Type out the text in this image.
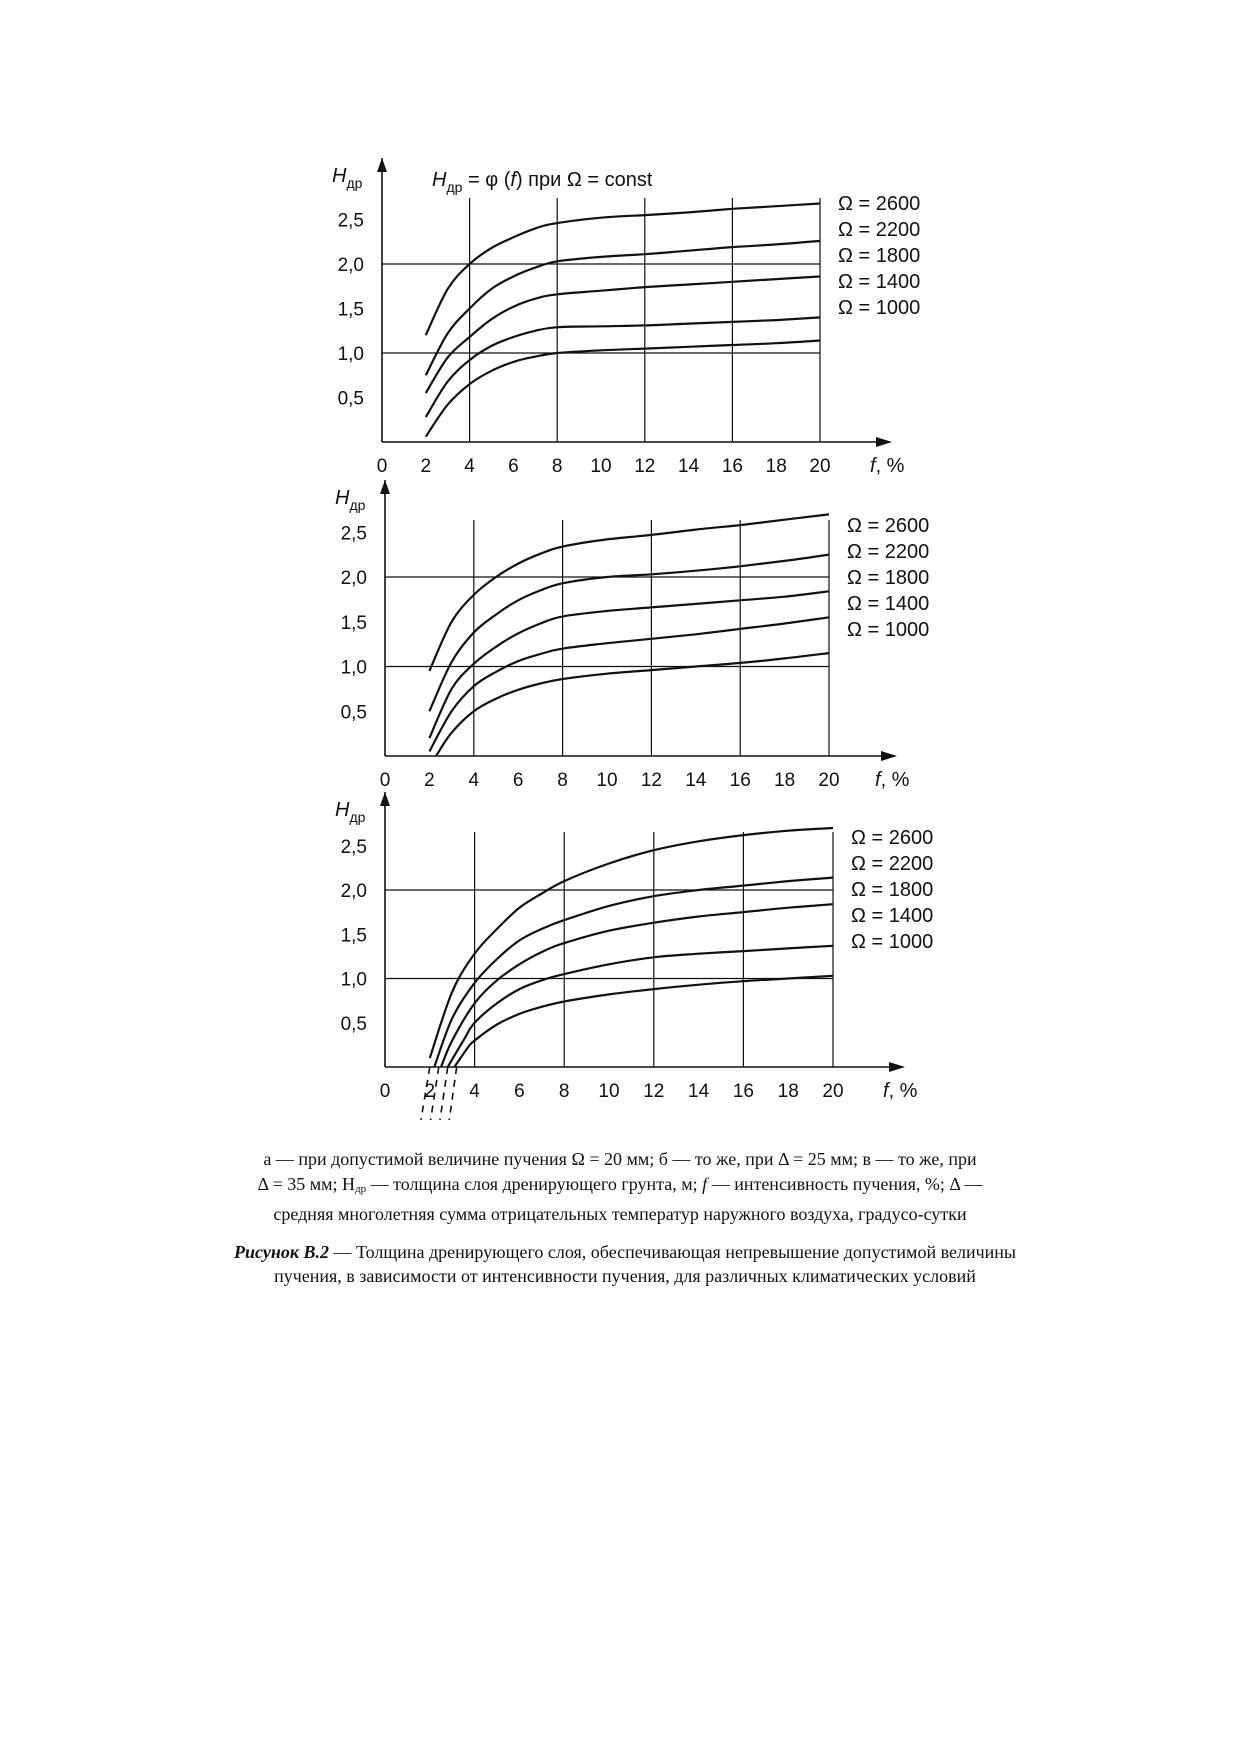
$H_{др} = \varphi$ (f) при Ω = const
$H_{др}$
0,5
1,0
1,5
2,0
2,5
0 2 4 6 8 10 12 14 16 18 20 f, %
Ω = 2600
Ω = 2200
Ω = 1800
Ω = 1400
Ω = 1000
$H_{др}$
0,5
1,0
1,5
2,0
2,5
0 2 4 6 8 10 12 14 16 18 20 f, %
Ω = 2600
Ω = 2200
Ω = 1800
Ω = 1400
Ω = 1000
$H_{др}$
0,5
1,0
1,5
2,0
2,5
0 2 4 6 8 10 12 14 16 18 20 f, %
Ω = 2600
Ω = 2200
Ω = 1800
Ω = 1400
Ω = 1000
а — при допустимой величине пучения Ω = 20 мм; б — то же, при Δ = 25 мм; в — то же, при
Δ = 35 мм; Ндр — толщина слоя дренирующего грунта, м; f — интенсивность пучения, %; Δ —
средняя многолетняя сумма отрицательных температур наружного воздуха, градусо-сутки
Рисунок В.2 — Толщина дренирующего слоя, обеспечивающая непревышение допустимой величины пучения, в зависимости от интенсивности пучения, для различных климатических условий
